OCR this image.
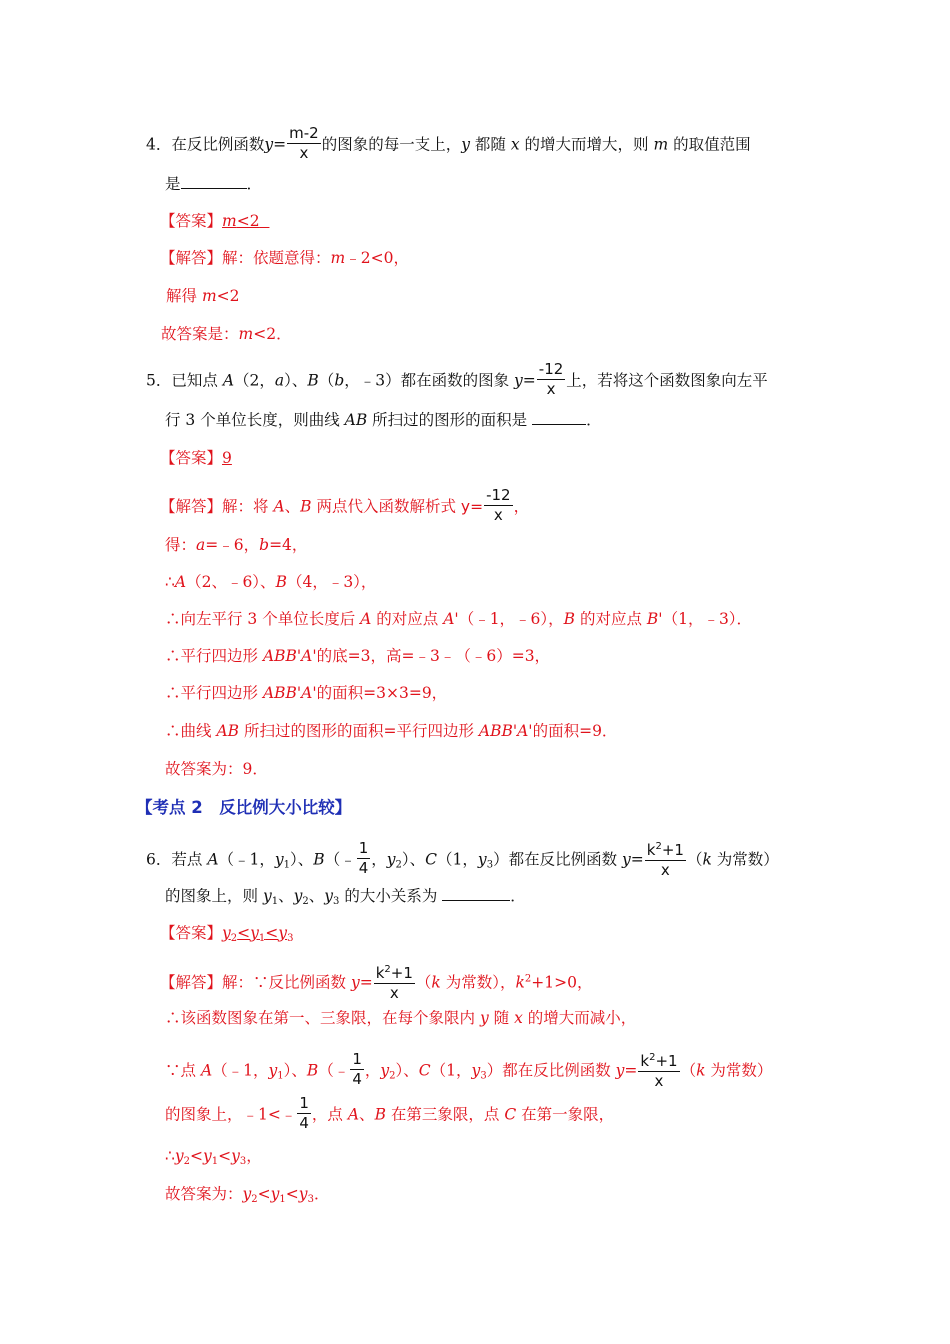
4．在反比例函数$y= \frac{m-2}{x}$ 的图象的每一支上，y 都随 x 的增大而增大，则 m 的取值范围
是	．
【答案】m<2
【解答】解：依题意得：m﹣2<0，
解得 m<2
故答案是：m<2．
5．已知点 A（2，a）、B（b，﹣3）都在函数的图象 $y= \frac{-12}{x}$ 上，若将这个函数图象向左平
行 3 个单位长度，则曲线 AB 所扫过的图形的面积是	．
【答案】9
【解答】解：将 A、B 两点代入函数解析式 $y= \frac{-12}{x}$ ，
得：a=﹣6，b=4，
∴A（2、﹣6）、B（4，﹣3），
∴向左平行 3 个单位长度后 A 的对应点 A'（﹣1，﹣6），B 的对应点 B'（1，﹣3）．
∴平行四边形 ABB'A'的底=3，高=﹣3﹣（﹣6）=3，
∴平行四边形 ABB'A'的面积=3×3=9，
∴曲线 AB 所扫过的图形的面积=平行四边形 ABB'A'的面积=9．
故答案为：9．
【考点 2　反比例大小比较】
6．若点 A（﹣1，$y_1$）、B（﹣ $\frac{1}{4}$ ，$y_2$）、C（1，$y_3$）都在反比例函数 $y= \frac{k^2+1}{x} (k$ 为常数）
的图象上，则 $y_1$、$y_2$、$y_3$ 的大小关系为	．
【答案】$y_2<y_1<y_3$
【解答】解：∵反比例函数 $y= \frac{k^2+1}{x} (k$ 为常数），$k^2+1>0$，
∴该函数图象在第一、三象限，在每个象限内 y 随 x 的增大而减小，
∵点 A（﹣1，$y_1$）、B（﹣ $\frac{1}{4}$ ，$y_2$）、C（1，$y_3$）都在反比例函数 $y= \frac{k^2+1}{x} (k$ 为常数）
的图象上，﹣1<﹣ $\frac{1}{4}$ ，点 A、B 在第三象限，点 C 在第一象限，
$\therefore y_2<y_1<y_3$，
故答案为：$y_2<y_1<y_3$．
